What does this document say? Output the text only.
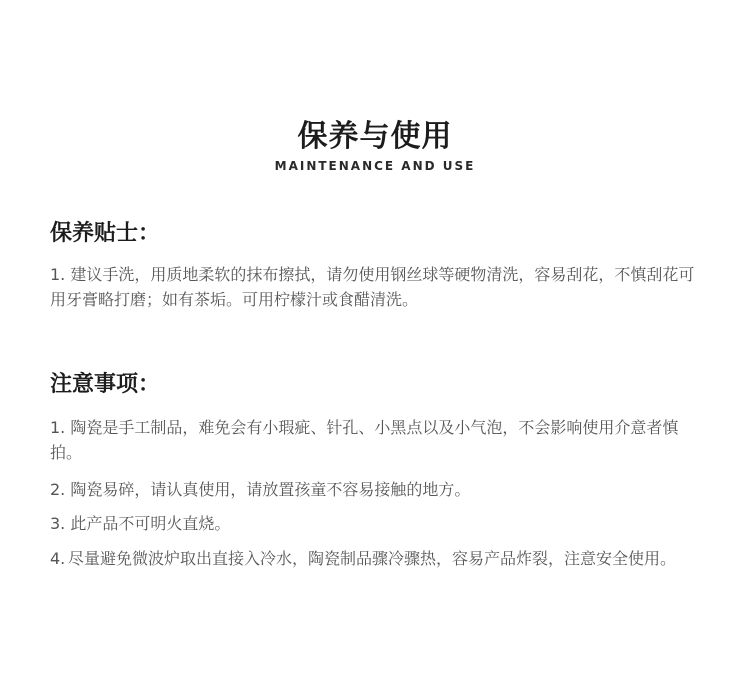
保养与使用
MAINTENANCE AND USE
保养贴士：
1. 建议手洗，用质地柔软的抹布擦拭，请勿使用钢丝球等硬物清洗，容易刮花，不慎刮花可用牙膏略打磨；如有茶垢。可用柠檬汁或食醋清洗。
注意事项：
1. 陶瓷是手工制品，难免会有小瑕疵、针孔、小黑点以及小气泡，不会影响使用介意者慎拍。
2. 陶瓷易碎，请认真使用，请放置孩童不容易接触的地方。
3. 此产品不可明火直烧。
4. 尽量避免微波炉取出直接入冷水，陶瓷制品骤冷骤热，容易产品炸裂，注意安全使用。
